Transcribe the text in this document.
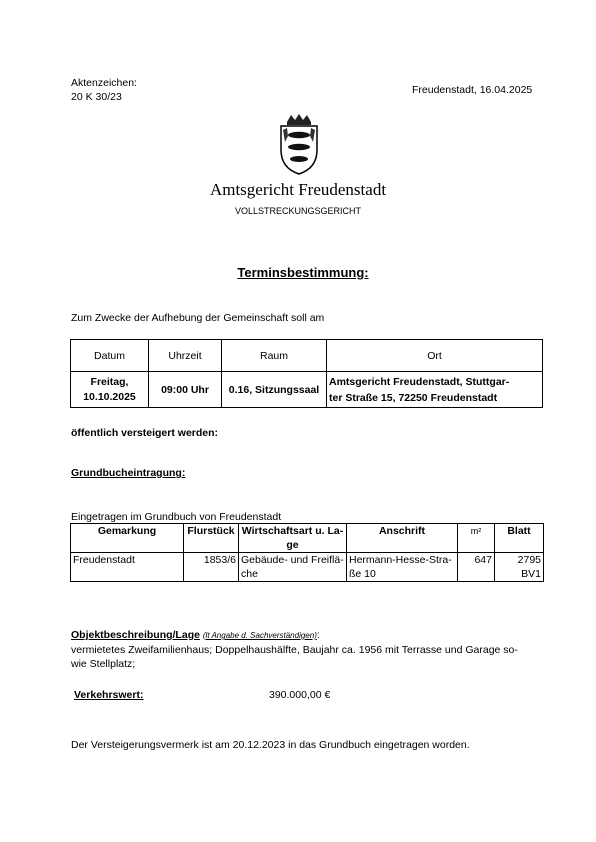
Aktenzeichen:
20 K 30/23
Freudenstadt, 16.04.2025
Amtsgericht Freudenstadt
VOLLSTRECKUNGSGERICHT
Terminsbestimmung:
Zum Zwecke der Aufhebung der Gemeinschaft soll am
Datum	Uhrzeit	Raum	Ort
Freitag,
10.10.2025	09:00 Uhr	0.16, Sitzungssaal	Amtsgericht Freudenstadt, Stuttgar-
ter Straße 15, 72250 Freudenstadt
öffentlich versteigert werden:
Grundbucheintragung:
Eingetragen im Grundbuch von Freudenstadt
Gemarkung	Flurstück	Wirtschaftsart u. La-
ge	Anschrift	m²	Blatt
Freudenstadt	1853/6	Gebäude- und Freiflä-
che	Hermann-Hesse-Stra-
ße 10	647	2795
BV1
Objektbeschreibung/Lage (lt Angabe d. Sachverständigen):
vermietetes Zweifamilienhaus; Doppelhaushälfte, Baujahr ca. 1956 mit Terrasse und Garage so-
wie Stellplatz;
Verkehrswert:	390.000,00 €
Der Versteigerungsvermerk ist am 20.12.2023 in das Grundbuch eingetragen worden.
